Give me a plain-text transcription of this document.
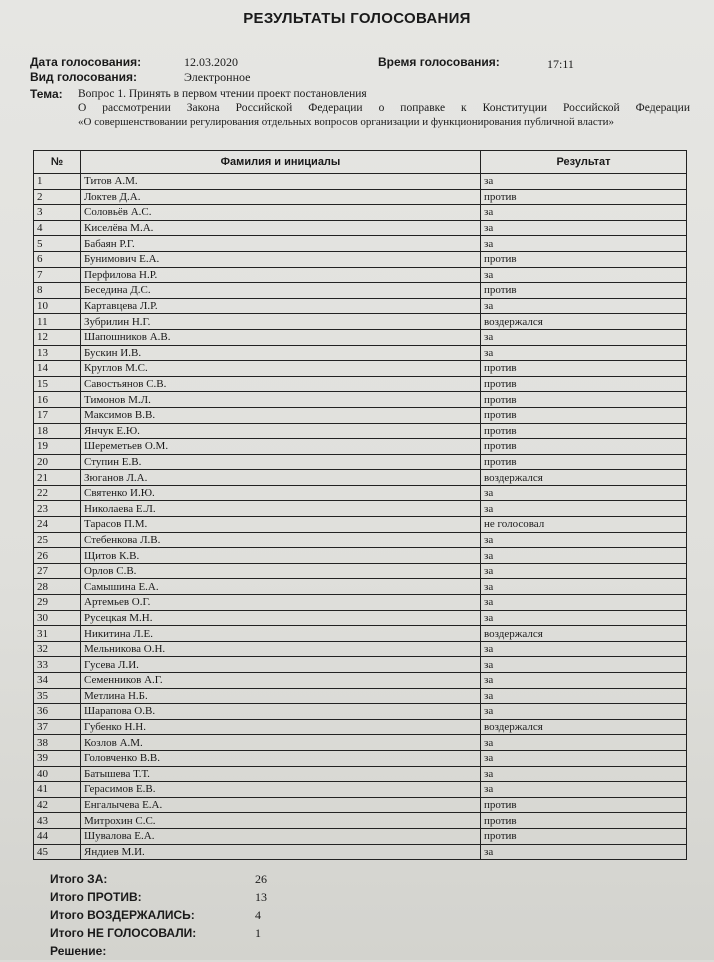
РЕЗУЛЬТАТЫ ГОЛОСОВАНИЯ
Дата голосования:	12.03.2020	Время голосования:	17:11
Вид голосования:	Электронное
Тема: Вопрос 1. Принять в первом чтении проект постановления
О рассмотрении Закона Российской Федерации о поправке к Конституции Российской Федерации
«О совершенствовании регулирования отдельных вопросов организации и функционирования публичной власти»
№	Фамилия и инициалы	Результат
1	Титов А.М.	за
2	Локтев Д.А.	против
3	Соловьёв А.С.	за
4	Киселёва М.А.	за
5	Бабаян Р.Г.	за
6	Бунимович Е.А.	против
7	Перфилова Н.Р.	за
8	Беседина Д.С.	против
10	Картавцева Л.Р.	за
11	Зубрилин Н.Г.	воздержался
12	Шапошников А.В.	за
13	Бускин И.В.	за
14	Круглов М.С.	против
15	Савостьянов С.В.	против
16	Тимонов М.Л.	против
17	Максимов В.В.	против
18	Янчук Е.Ю.	против
19	Шереметьев О.М.	против
20	Ступин Е.В.	против
21	Зюганов Л.А.	воздержался
22	Святенко И.Ю.	за
23	Николаева Е.Л.	за
24	Тарасов П.М.	не голосовал
25	Стебенкова Л.В.	за
26	Щитов К.В.	за
27	Орлов С.В.	за
28	Самышина Е.А.	за
29	Артемьев О.Г.	за
30	Русецкая М.Н.	за
31	Никитина Л.Е.	воздержался
32	Мельникова О.Н.	за
33	Гусева Л.И.	за
34	Семенников А.Г.	за
35	Метлина Н.Б.	за
36	Шарапова О.В.	за
37	Губенко Н.Н.	воздержался
38	Козлов А.М.	за
39	Головченко В.В.	за
40	Батышева Т.Т.	за
41	Герасимов Е.В.	за
42	Енгалычева Е.А.	против
43	Митрохин С.С.	против
44	Шувалова Е.А.	против
45	Яндиев М.И.	за
Итого ЗА:	26
Итого ПРОТИВ:	13
Итого ВОЗДЕРЖАЛИСЬ:	4
Итого НЕ ГОЛОСОВАЛИ:	1
Решение:
